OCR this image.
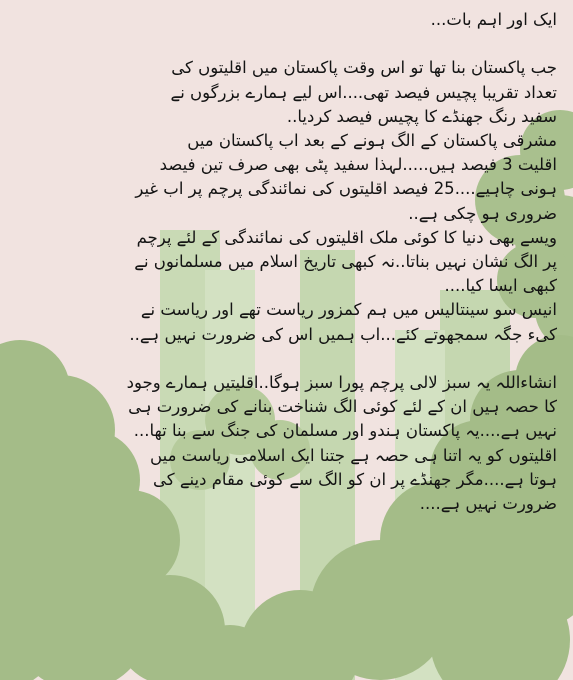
ایک اور اہم بات...
جب پاکستان بنا تھا تو اس وقت پاکستان میں اقلیتوں کی
تعداد تقریبا پچیس فیصد تھی....اس لیے ہمارے بزرگوں نے
سفید رنگ جھنڈے کا پچیس فیصد کردیا..
مشرقی پاکستان کے الگ ہونے کے بعد اب پاکستان میں
اقلیت 3 فیصد ہیں.....لہذا سفید پٹی بھی صرف تین فیصد
ہونی چاہیے....25 فیصد اقلیتوں کی نمائندگی پرچم پر اب غیر
ضروری ہو چکی ہے..
ویسے بھی دنیا کا کوئی ملک اقلیتوں کی نمائندگی کے لئے پرچم
پر الگ نشان نہیں بناتا..نہ کبھی تاریخ اسلام میں مسلمانوں نے
کبھی ایسا کیا....
انیس سو سینتالیس میں ہم کمزور ریاست تھے اور ریاست نے
کیء جگہ سمجھوتے کئے...اب ہمیں اس کی ضرورت نہیں ہے..
انشاءاللہ یہ سبز لالی پرچم پورا سبز ہوگا..اقلیتیں ہمارے وجود
کا حصہ ہیں ان کے لئے کوئی الگ شناخت بنانے کی ضرورت ہی
نہیں ہے....یہ پاکستان ہندو اور مسلمان کی جنگ سے بنا تھا...
اقلیتوں کو یہ اتنا ہی حصہ ہے جتنا ایک اسلامی ریاست میں
ہوتا ہے....مگر جھنڈے پر ان کو الگ سے کوئی مقام دینے کی
ضرورت نہیں ہے....
